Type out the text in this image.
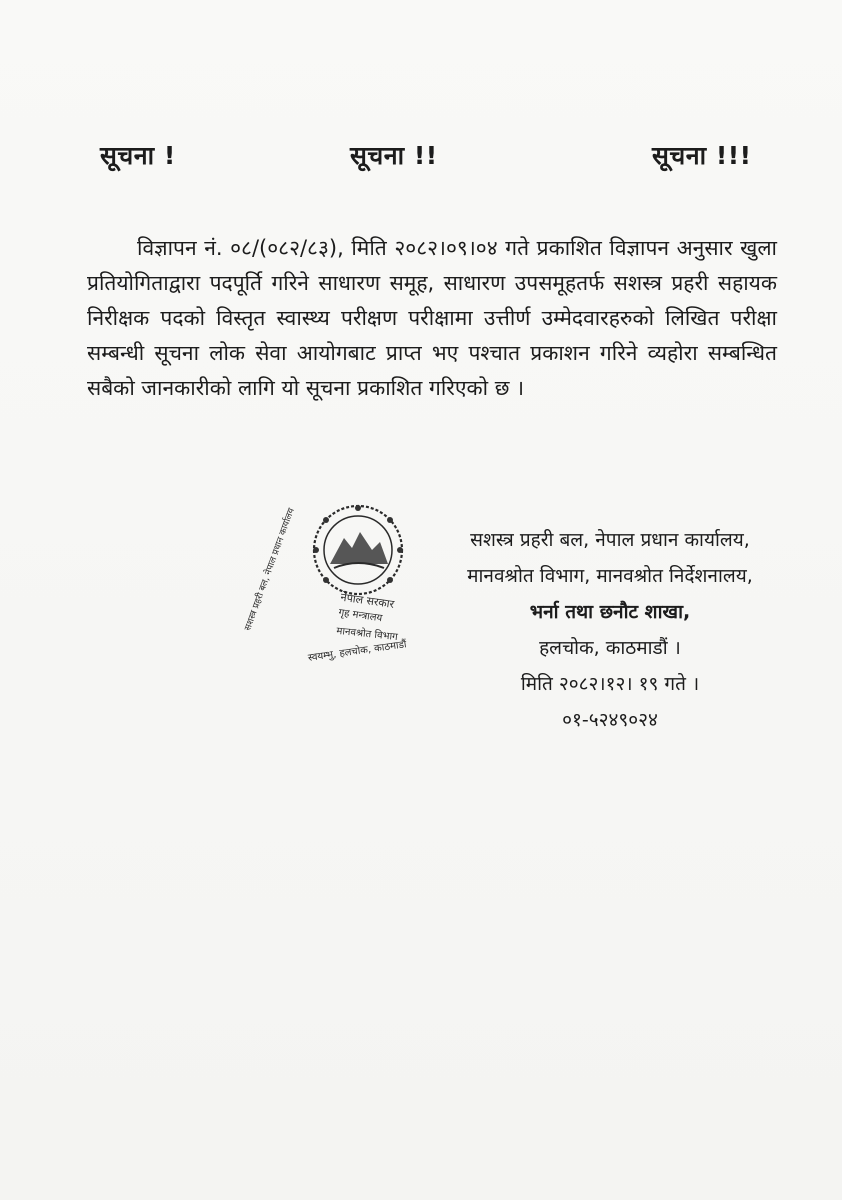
सूचना !	सूचना !!	सूचना !!!

विज्ञापन नं. ०८/(०८२/८३), मिति २०८२।०९।०४ गते प्रकाशित विज्ञापन अनुसार खुला प्रतियोगिताद्वारा पदपूर्ति गरिने साधारण समूह, साधारण उपसमूहतर्फ सशस्त्र प्रहरी सहायक निरीक्षक पदको विस्तृत स्वास्थ्य परीक्षण परीक्षामा उत्तीर्ण उम्मेदवारहरुको लिखित परीक्षा सम्बन्धी सूचना लोक सेवा आयोगबाट प्राप्त भए पश्चात प्रकाशन गरिने व्यहोरा सम्बन्धित सबैको जानकारीको लागि यो सूचना प्रकाशित गरिएको छ ।

नेपाल सरकार
गृह मन्त्रालय
सशस्त्र प्रहरी बल, नेपाल प्रधान कार्यालय
मानवश्रोत विभाग
स्वयम्भु, हलचोक, काठमाडौं
सशस्त्र प्रहरी बल, नेपाल प्रधान कार्यालय,
मानवश्रोत विभाग, मानवश्रोत निर्देशनालय,
भर्ना तथा छनौट शाखा,
हलचोक, काठमाडौं ।
मिति २०८२।१२। १९ गते ।
०१-५२४९०२४
